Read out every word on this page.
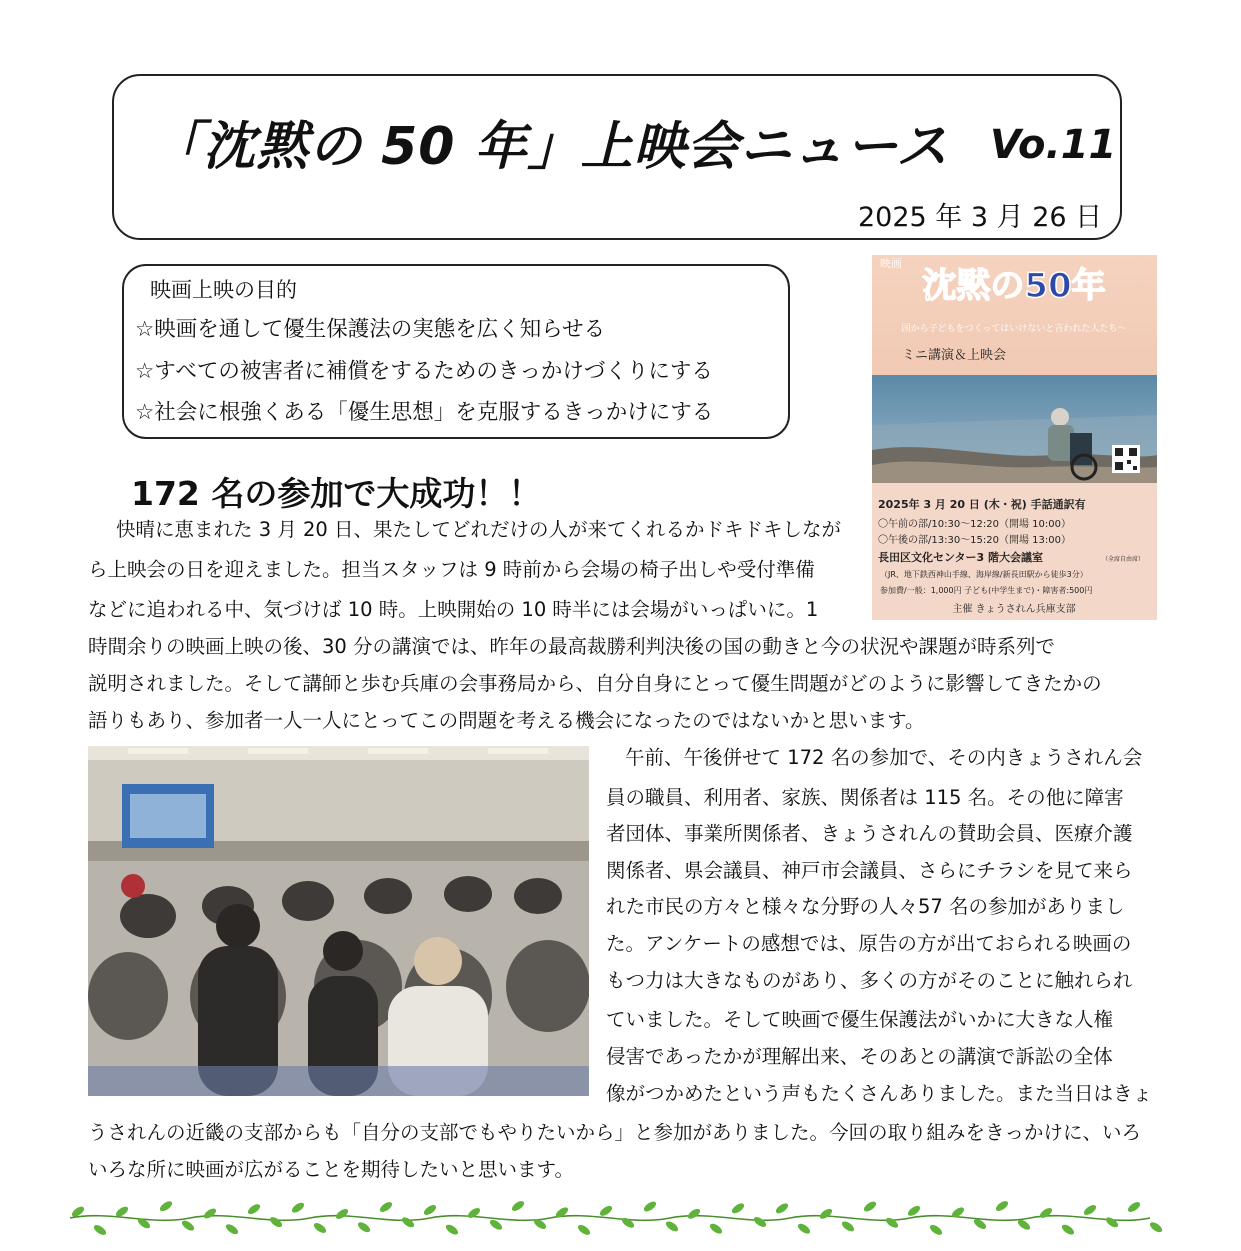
「沈黙の 50 年」上映会ニュース Vo.11
2025 年 3 月 26 日
映画上映の目的
☆映画を通して優生保護法の実態を広く知らせる
☆すべての被害者に補償をするためのきっかけづくりにする
☆社会に根強くある「優生思想」を克服するきっかけにする
映画
沈黙の50年
国から子どもをつくってはいけないと言われた人たち～
ミニ講演＆上映会
2025年 3 月 20 日 (木・祝) 手話通訳有
〇午前の部/10:30～12:20（開場 10:00）
〇午後の部/13:30～15:20（開場 13:00）
長田区文化センター3 階大会議室	（全席自由席）
（JR、地下鉄西神山手線、海岸線/新長田駅から徒歩3分）
参加費/一般：1,000円 子ども(中学生まで)・障害者:500円
主催 きょうされん兵庫支部
172 名の参加で大成功！！
快晴に恵まれた 3 月 20 日、果たしてどれだけの人が来てくれるかドキドキしなが
ら上映会の日を迎えました。担当スタッフは 9 時前から会場の椅子出しや受付準備
などに追われる中、気づけば 10 時。上映開始の 10 時半には会場がいっぱいに。1
時間余りの映画上映の後、30 分の講演では、昨年の最高裁勝利判決後の国の動きと今の状況や課題が時系列で
説明されました。そして講師と歩む兵庫の会事務局から、自分自身にとって優生問題がどのように影響してきたかの
語りもあり、参加者一人一人にとってこの問題を考える機会になったのではないかと思います。
午前、午後併せて 172 名の参加で、その内きょうされん会
員の職員、利用者、家族、関係者は 115 名。その他に障害
者団体、事業所関係者、きょうされんの賛助会員、医療介護
関係者、県会議員、神戸市会議員、さらにチラシを見て来ら
れた市民の方々と様々な分野の人々57 名の参加がありまし
た。アンケートの感想では、原告の方が出ておられる映画の
もつ力は大きなものがあり、多くの方がそのことに触れられ
ていました。そして映画で優生保護法がいかに大きな人権
侵害であったかが理解出来、そのあとの講演で訴訟の全体
像がつかめたという声もたくさんありました。また当日はきょ
うされんの近畿の支部からも「自分の支部でもやりたいから」と参加がありました。今回の取り組みをきっかけに、いろ
いろな所に映画が広がることを期待したいと思います。
